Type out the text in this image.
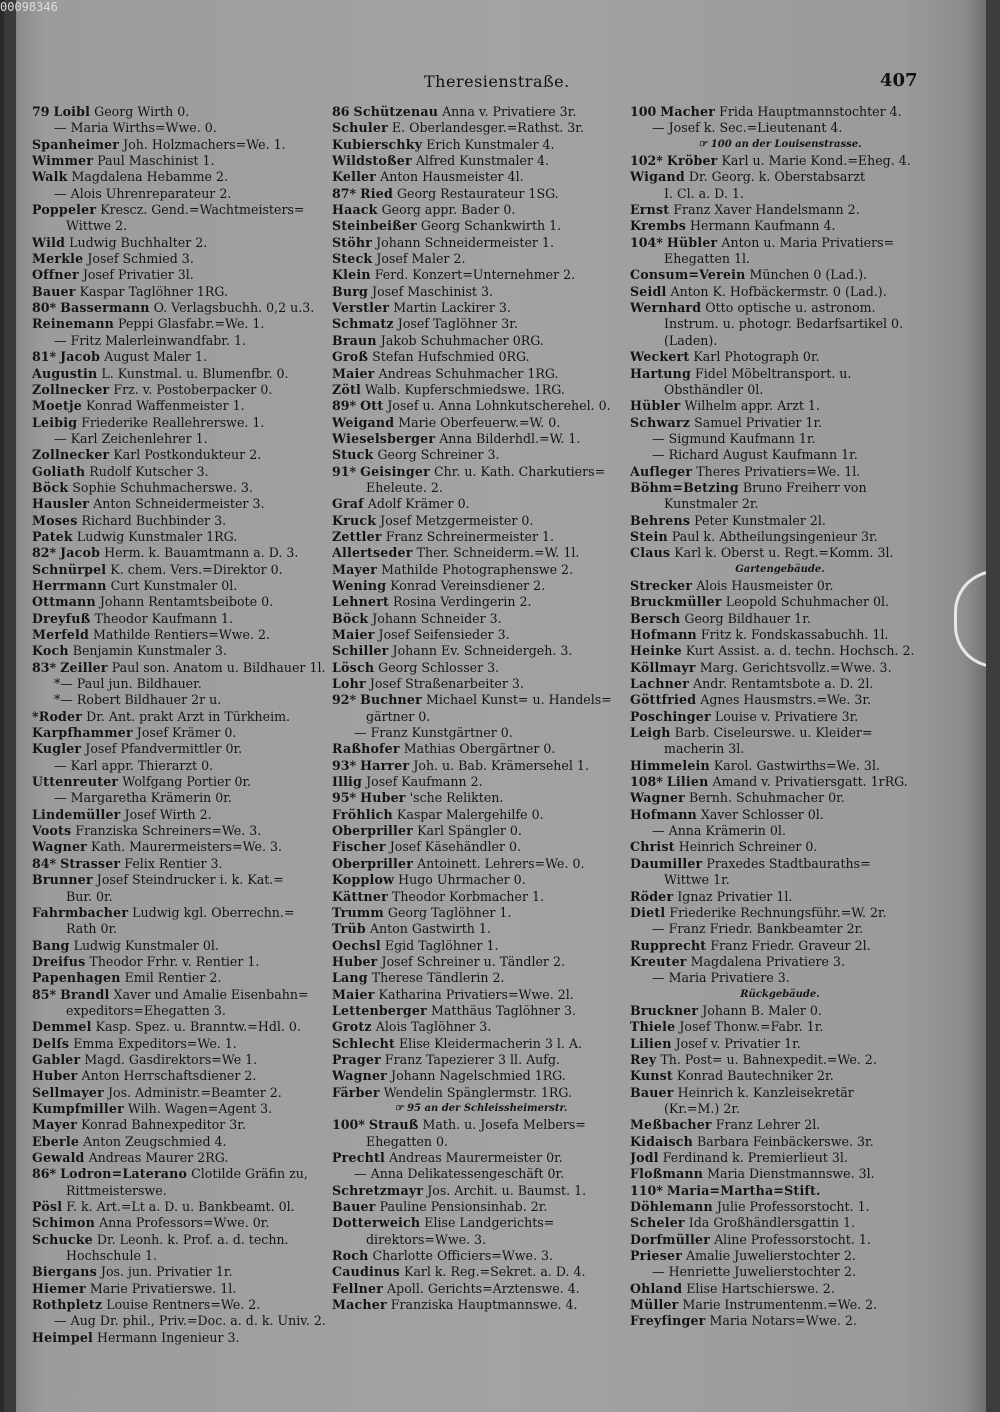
Theresienstraße.	407
79 Loibl Georg Wirth 0.
— Maria Wirths=Wwe. 0.
Spanheimer Joh. Holzmachers=We. 1.
Wimmer Paul Maschinist 1.
Walk Magdalena Hebamme 2.
— Alois Uhrenreparateur 2.
Poppeler Krescz. Gend.=Wachtmeisters=
Wittwe 2.
Wild Ludwig Buchhalter 2.
Merkle Josef Schmied 3.
Offner Josef Privatier 3l.
Bauer Kaspar Taglöhner 1RG.
80* Bassermann O. Verlagsbuchh. 0,2 u.3.
Reinemann Peppi Glasfabr.=We. 1.
— Fritz Malerleinwandfabr. 1.
81* Jacob August Maler 1.
Augustin L. Kunstmal. u. Blumenfbr. 0.
Zollnecker Frz. v. Postoberpacker 0.
Moetje Konrad Waffenmeister 1.
Leibig Friederike Reallehrerswe. 1.
— Karl Zeichenlehrer 1.
Zollnecker Karl Postkondukteur 2.
Goliath Rudolf Kutscher 3.
Böck Sophie Schuhmacherswe. 3.
Hausler Anton Schneidermeister 3.
Moses Richard Buchbinder 3.
Patek Ludwig Kunstmaler 1RG.
82* Jacob Herm. k. Bauamtmann a. D. 3.
Schnürpel K. chem. Vers.=Direktor 0.
Herrmann Curt Kunstmaler 0l.
Ottmann Johann Rentamtsbeibote 0.
Dreyfuß Theodor Kaufmann 1.
Merfeld Mathilde Rentiers=Wwe. 2.
Koch Benjamin Kunstmaler 3.
83* Zeiller Paul son. Anatom u. Bildhauer 1l.
*— Paul jun. Bildhauer.
*— Robert Bildhauer 2r u.
*Roder Dr. Ant. prakt Arzt in Türkheim.
Karpfhammer Josef Krämer 0.
Kugler Josef Pfandvermittler 0r.
— Karl appr. Thierarzt 0.
Uttenreuter Wolfgang Portier 0r.
— Margaretha Krämerin 0r.
Lindemüller Josef Wirth 2.
Voots Franziska Schreiners=We. 3.
Wagner Kath. Maurermeisters=We. 3.
84* Strasser Felix Rentier 3.
Brunner Josef Steindrucker i. k. Kat.=
Bur. 0r.
Fahrmbacher Ludwig kgl. Oberrechn.=
Rath 0r.
Bang Ludwig Kunstmaler 0l.
Dreifus Theodor Frhr. v. Rentier 1.
Papenhagen Emil Rentier 2.
85* Brandl Xaver und Amalie Eisenbahn=
expeditors=Ehegatten 3.
Demmel Kasp. Spez. u. Branntw.=Hdl. 0.
Delſs Emma Expeditors=We. 1.
Gabler Magd. Gasdirektors=We 1.
Huber Anton Herrschaftsdiener 2.
Sellmayer Jos. Administr.=Beamter 2.
Kumpfmiller Wilh. Wagen=Agent 3.
Mayer Konrad Bahnexpeditor 3r.
Eberle Anton Zeugschmied 4.
Gewald Andreas Maurer 2RG.
86* Lodron=Laterano Clotilde Gräfin zu,
Rittmeisterswe.
Pösl F. k. Art.=Lt a. D. u. Bankbeamt. 0l.
Schimon Anna Professors=Wwe. 0r.
Schucke Dr. Leonh. k. Prof. a. d. techn.
Hochschule 1.
Biergans Jos. jun. Privatier 1r.
Hiemer Marie Privatierswe. 1l.
Rothpletz Louise Rentners=We. 2.
— Aug Dr. phil., Priv.=Doc. a. d. k. Univ. 2.
Heimpel Hermann Ingenieur 3.
86 Schützenau Anna v. Privatiere 3r.
Schuler E. Oberlandesger.=Rathst. 3r.
Kubierschky Erich Kunstmaler 4.
Wildstoßer Alfred Kunstmaler 4.
Keller Anton Hausmeister 4l.
87* Ried Georg Restaurateur 1SG.
Haack Georg appr. Bader 0.
Steinbeißer Georg Schankwirth 1.
Stöhr Johann Schneidermeister 1.
Steck Josef Maler 2.
Klein Ferd. Konzert=Unternehmer 2.
Burg Josef Maschinist 3.
Verstler Martin Lackirer 3.
Schmatz Josef Taglöhner 3r.
Braun Jakob Schuhmacher 0RG.
Groß Stefan Hufschmied 0RG.
Maier Andreas Schuhmacher 1RG.
Zötl Walb. Kupferschmiedswe. 1RG.
89* Ott Josef u. Anna Lohnkutscherehel. 0.
Weigand Marie Oberfeuerw.=W. 0.
Wieselsberger Anna Bilderhdl.=W. 1.
Stuck Georg Schreiner 3.
91* Geisinger Chr. u. Kath. Charkutiers=
Eheleute. 2.
Graf Adolf Krämer 0.
Kruck Josef Metzgermeister 0.
Zettler Franz Schreinermeister 1.
Allertseder Ther. Schneiderm.=W. 1l.
Mayer Mathilde Photographenswe 2.
Wening Konrad Vereinsdiener 2.
Lehnert Rosina Verdingerin 2.
Böck Johann Schneider 3.
Maier Josef Seifensieder 3.
Schiller Johann Ev. Schneidergeh. 3.
Lösch Georg Schlosser 3.
Lohr Josef Straßenarbeiter 3.
92* Buchner Michael Kunst= u. Handels=
gärtner 0.
— Franz Kunstgärtner 0.
Raßhofer Mathias Obergärtner 0.
93* Harrer Joh. u. Bab. Krämersehel 1.
Illig Josef Kaufmann 2.
95* Huber 'sche Relikten.
Fröhlich Kaspar Malergehilfe 0.
Oberpriller Karl Spängler 0.
Fischer Josef Käsehändler 0.
Oberpriller Antoinett. Lehrers=We. 0.
Kopplow Hugo Uhrmacher 0.
Kättner Theodor Korbmacher 1.
Trumm Georg Taglöhner 1.
Trüb Anton Gastwirth 1.
Oechsl Egid Taglöhner 1.
Huber Josef Schreiner u. Tändler 2.
Lang Therese Tändlerin 2.
Maier Katharina Privatiers=Wwe. 2l.
Lettenberger Matthäus Taglöhner 3.
Grotz Alois Taglöhner 3.
Schlecht Elise Kleidermacherin 3 l. A.
Prager Franz Tapezierer 3 ll. Aufg.
Wagner Johann Nagelschmied 1RG.
Färber Wendelin Spänglermstr. 1RG.
☞ 95 an der Schleissheimerstr.
100* Strauß Math. u. Josefa Melbers=
Ehegatten 0.
Prechtl Andreas Maurermeister 0r.
— Anna Delikatessengeschäft 0r.
Schretzmayr Jos. Archit. u. Baumst. 1.
Bauer Pauline Pensionsinhab. 2r.
Dotterweich Elise Landgerichts=
direktors=Wwe. 3.
Roch Charlotte Officiers=Wwe. 3.
Caudinus Karl k. Reg.=Sekret. a. D. 4.
Fellner Apoll. Gerichts=Arztenswe. 4.
Macher Franziska Hauptmannswe. 4.
100 Macher Frida Hauptmannstochter 4.
— Josef k. Sec.=Lieutenant 4.
☞ 100 an der Louisenstrasse.
102* Kröber Karl u. Marie Kond.=Eheg. 4.
Wigand Dr. Georg. k. Oberstabsarzt
I. Cl. a. D. 1.
Ernst Franz Xaver Handelsmann 2.
Krembs Hermann Kaufmann 4.
104* Hübler Anton u. Maria Privatiers=
Ehegatten 1l.
Consum=Verein München 0 (Lad.).
Seidl Anton K. Hofbäckermstr. 0 (Lad.).
Wernhard Otto optische u. astronom.
Instrum. u. photogr. Bedarfsartikel 0.
(Laden).
Weckert Karl Photograph 0r.
Hartung Fidel Möbeltransport. u.
Obsthändler 0l.
Hübler Wilhelm appr. Arzt 1.
Schwarz Samuel Privatier 1r.
— Sigmund Kaufmann 1r.
— Richard August Kaufmann 1r.
Aufleger Theres Privatiers=We. 1l.
Böhm=Betzing Bruno Freiherr von
Kunstmaler 2r.
Behrens Peter Kunstmaler 2l.
Stein Paul k. Abtheilungsingenieur 3r.
Claus Karl k. Oberst u. Regt.=Komm. 3l.
Gartengebäude.
Strecker Alois Hausmeister 0r.
Bruckmüller Leopold Schuhmacher 0l.
Bersch Georg Bildhauer 1r.
Hofmann Fritz k. Fondskassabuchh. 1l.
Heinke Kurt Assist. a. d. techn. Hochsch. 2.
Köllmayr Marg. Gerichtsvollz.=Wwe. 3.
Lachner Andr. Rentamtsbote a. D. 2l.
Göttfried Agnes Hausmstrs.=We. 3r.
Poschinger Louise v. Privatiere 3r.
Leigh Barb. Ciseleurswe. u. Kleider=
macherin 3l.
Himmelein Karol. Gastwirths=We. 3l.
108* Lilien Amand v. Privatiersgatt. 1rRG.
Wagner Bernh. Schuhmacher 0r.
Hofmann Xaver Schlosser 0l.
— Anna Krämerin 0l.
Christ Heinrich Schreiner 0.
Daumiller Praxedes Stadtbauraths=
Wittwe 1r.
Röder Ignaz Privatier 1l.
Dietl Friederike Rechnungsführ.=W. 2r.
— Franz Friedr. Bankbeamter 2r.
Rupprecht Franz Friedr. Graveur 2l.
Kreuter Magdalena Privatiere 3.
— Maria Privatiere 3.
Rückgebäude.
Bruckner Johann B. Maler 0.
Thiele Josef Thonw.=Fabr. 1r.
Lilien Josef v. Privatier 1r.
Rey Th. Post= u. Bahnexpedit.=We. 2.
Kunst Konrad Bautechniker 2r.
Bauer Heinrich k. Kanzleisekretär
(Kr.=M.) 2r.
Meßbacher Franz Lehrer 2l.
Kidaisch Barbara Feinbäckerswe. 3r.
Jodl Ferdinand k. Premierlieut 3l.
Floßmann Maria Dienstmannswe. 3l.
110* Maria=Martha=Stift.
Döhlemann Julie Professorstocht. 1.
Scheler Ida Großhändlersgattin 1.
Dorfmüller Aline Professorstocht. 1.
Prieser Amalie Juwelierstochter 2.
— Henriette Juwelierstochter 2.
Ohland Elise Hartschierswe. 2.
Müller Marie Instrumentenm.=We. 2.
Freyfinger Maria Notars=Wwe. 2.
00098346
